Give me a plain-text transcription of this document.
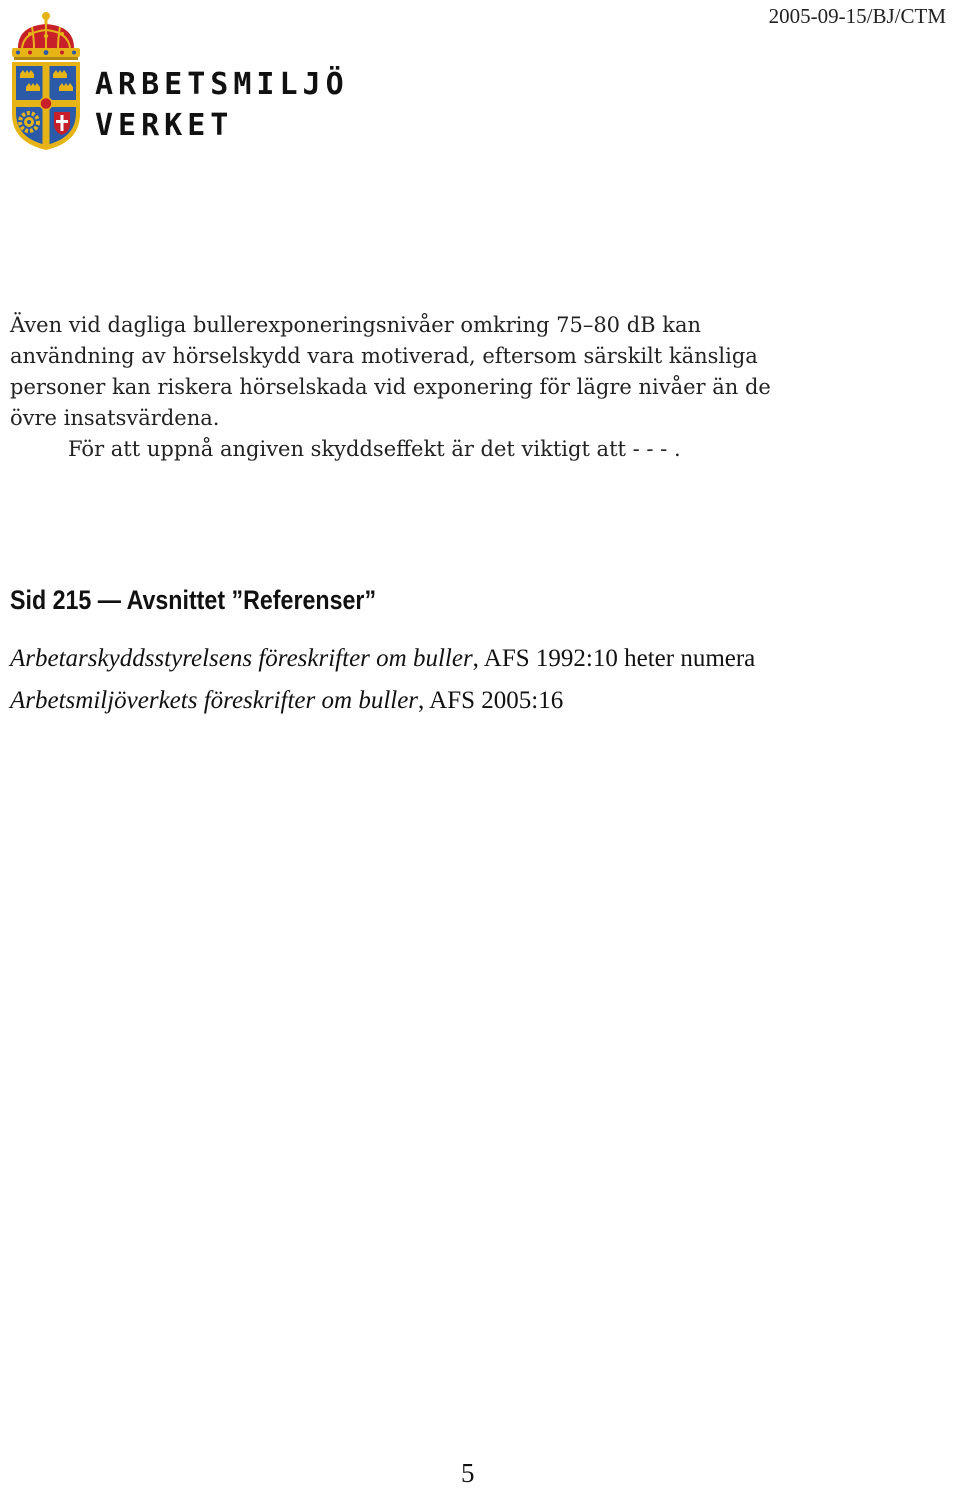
ARBETSMILJÖ
VERKET
2005-09-15/BJ/CTM
Även vid dagliga bullerexponeringsnivåer omkring 75–80 dB kan
användning av hörselskydd vara motiverad, eftersom särskilt känsliga
personer kan riskera hörselskada vid exponering för lägre nivåer än de
övre insatsvärdena.
För att uppnå angiven skyddseffekt är det viktigt att - - - .
Sid 215 — Avsnittet ”Referenser”
Arbetarskyddsstyrelsens föreskrifter om buller, AFS 1992:10 heter numera
Arbetsmiljöverkets föreskrifter om buller, AFS 2005:16
5
